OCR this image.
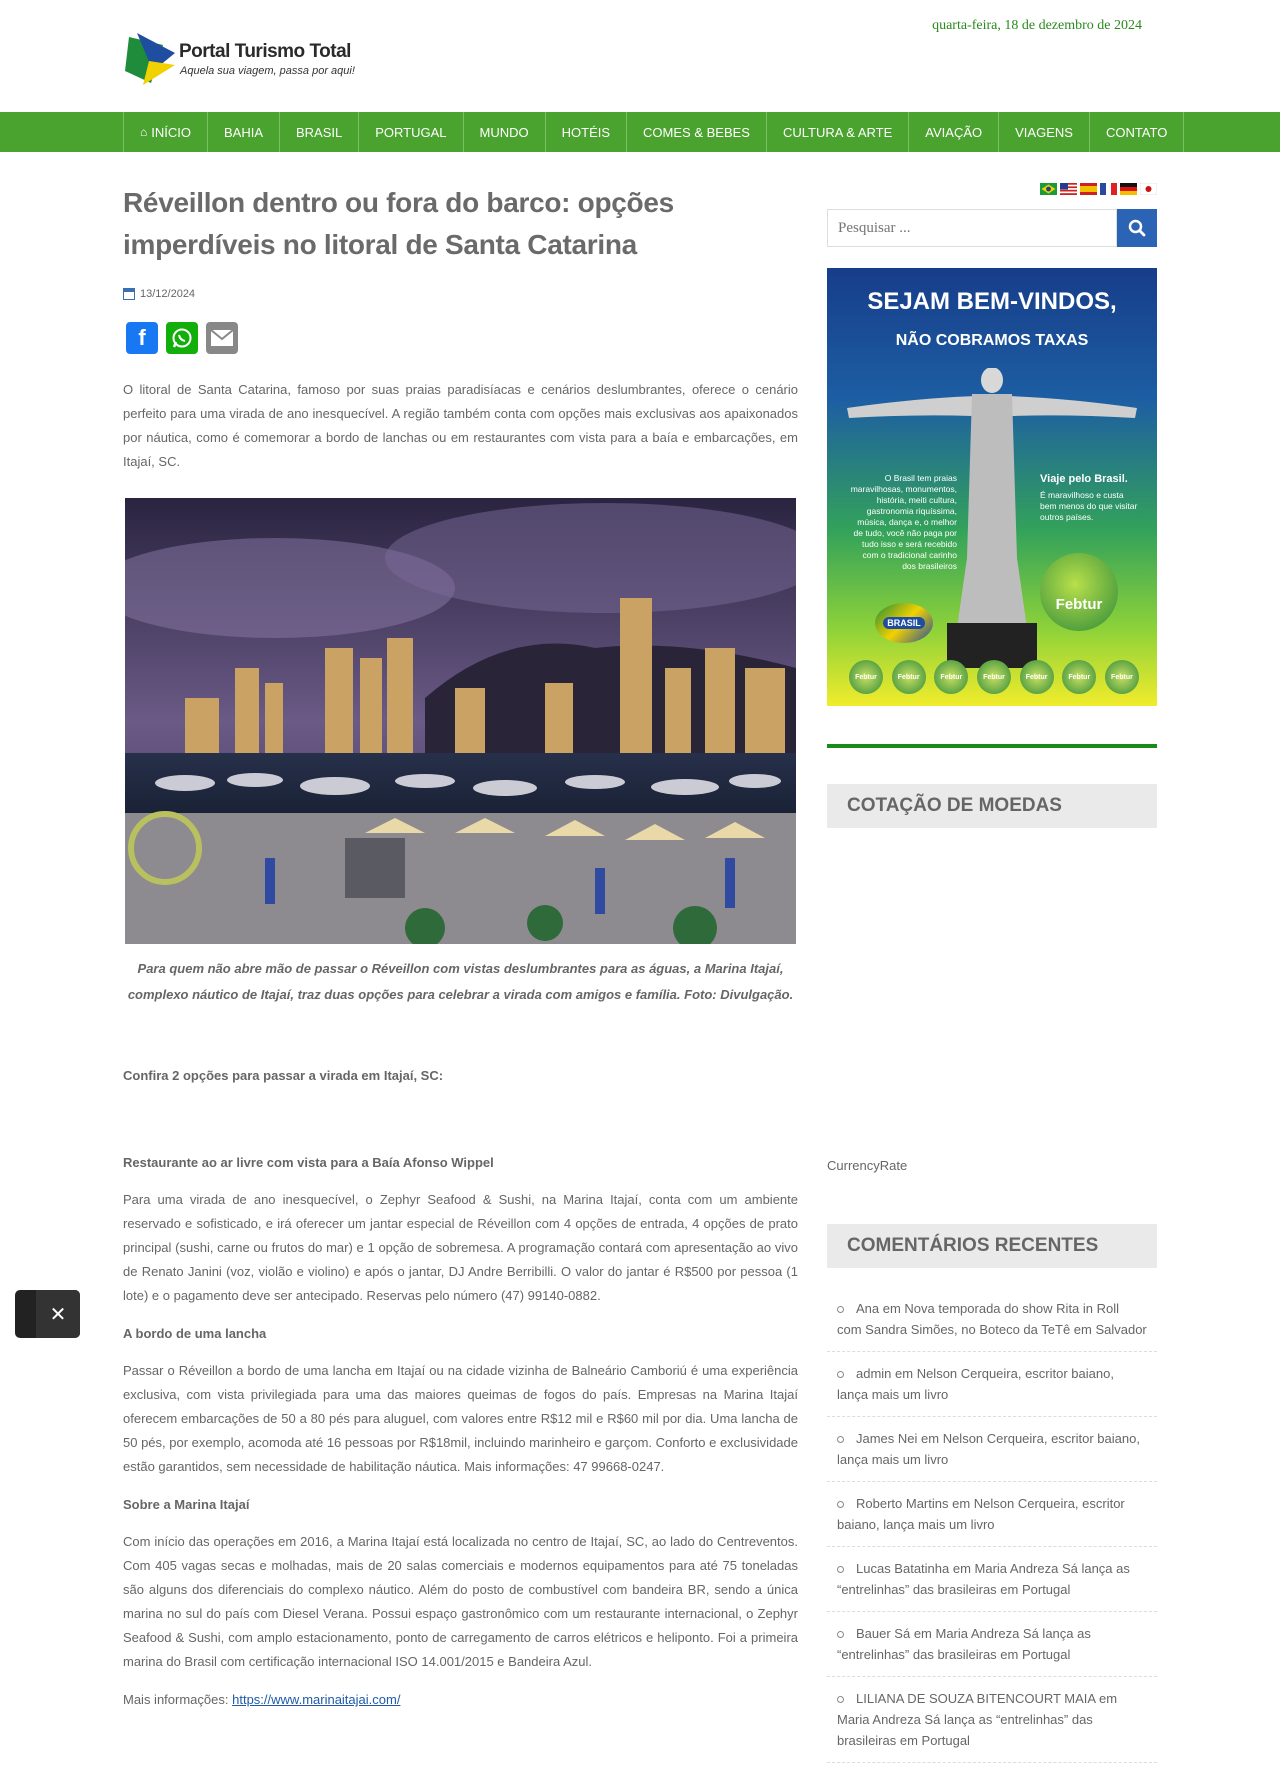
Portal Turismo Total
Aquela sua viagem, passa por aqui!
quarta-feira, 18 de dezembro de 2024
⌂ INÍCIO	BAHIA	BRASIL	PORTUGAL	MUNDO	HOTÉIS	COMES & BEBES	CULTURA & ARTE	AVIAÇÃO	VIAGENS	CONTATO
Réveillon dentro ou fora do barco: opções imperdíveis no litoral de Santa Catarina
13/12/2024
f

O litoral de Santa Catarina, famoso por suas praias paradisíacas e cenários deslumbrantes, oferece o cenário perfeito para uma virada de ano inesquecível. A região também conta com opções mais exclusivas aos apaixonados por náutica, como é comemorar a bordo de lanchas ou em restaurantes com vista para a baía e embarcações, em Itajaí, SC.

Para quem não abre mão de passar o Réveillon com vistas deslumbrantes para as águas, a Marina Itajaí, complexo náutico de Itajaí, traz duas opções para celebrar a virada com amigos e família. Foto: Divulgação.

Confira 2 opções para passar a virada em Itajaí, SC:

Restaurante ao ar livre com vista para a Baía Afonso Wippel

Para uma virada de ano inesquecível, o Zephyr Seafood & Sushi, na Marina Itajaí, conta com um ambiente reservado e sofisticado, e irá oferecer um jantar especial de Réveillon com 4 opções de entrada, 4 opções de prato principal (sushi, carne ou frutos do mar) e 1 opção de sobremesa. A programação contará com apresentação ao vivo de Renato Janini (voz, violão e violino) e após o jantar, DJ Andre Berribilli. O valor do jantar é R$500 por pessoa (1 lote) e o pagamento deve ser antecipado. Reservas pelo número (47) 99140-0882.

A bordo de uma lancha

Passar o Réveillon a bordo de uma lancha em Itajaí ou na cidade vizinha de Balneário Camboriú é uma experiência exclusiva, com vista privilegiada para uma das maiores queimas de fogos do país. Empresas na Marina Itajaí oferecem embarcações de 50 a 80 pés para aluguel, com valores entre R$12 mil e R$60 mil por dia. Uma lancha de 50 pés, por exemplo, acomoda até 16 pessoas por R$18mil, incluindo marinheiro e garçom. Conforto e exclusividade estão garantidos, sem necessidade de habilitação náutica. Mais informações: 47 99668-0247.

Sobre a Marina Itajaí

Com início das operações em 2016, a Marina Itajaí está localizada no centro de Itajaí, SC, ao lado do Centreventos. Com 405 vagas secas e molhadas, mais de 20 salas comerciais e modernos equipamentos para até 75 toneladas são alguns dos diferenciais do complexo náutico. Além do posto de combustível com bandeira BR, sendo a única marina no sul do país com Diesel Verana. Possui espaço gastronômico com um restaurante internacional, o Zephyr Seafood & Sushi, com amplo estacionamento, ponto de carregamento de carros elétricos e heliponto. Foi a primeira marina do Brasil com certificação internacional ISO 14.001/2015 e Bandeira Azul.

Mais informações: https://www.marinaitajai.com/

Pesquisar ...
SEJAM BEM-VINDOS,
NÃO COBRAMOS TAXAS
O Brasil tem praias maravilhosas, monumentos, história, meiti cultura, gastronomia riquíssima, música, dança e, o melhor de tudo, você não paga por tudo isso e será recebido com o tradicional carinho dos brasileiros
Viaje pelo Brasil.
É maravilhoso e custa bem menos do que visitar outros países.
Febtur
BRASIL
Febtur	Febtur	Febtur	Febtur	Febtur	Febtur	Febtur
COTAÇÃO DE MOEDAS
CurrencyRate
COMENTÁRIOS RECENTES
Ana em Nova temporada do show Rita in Roll com Sandra Simões, no Boteco da TeTê em Salvador
admin em Nelson Cerqueira, escritor baiano, lança mais um livro
James Nei em Nelson Cerqueira, escritor baiano, lança mais um livro
Roberto Martins em Nelson Cerqueira, escritor baiano, lança mais um livro
Lucas Batatinha em Maria Andreza Sá lança as “entrelinhas” das brasileiras em Portugal
Bauer Sá em Maria Andreza Sá lança as “entrelinhas” das brasileiras em Portugal
LILIANA DE SOUZA BITENCOURT MAIA em Maria Andreza Sá lança as “entrelinhas” das brasileiras em Portugal
✕
